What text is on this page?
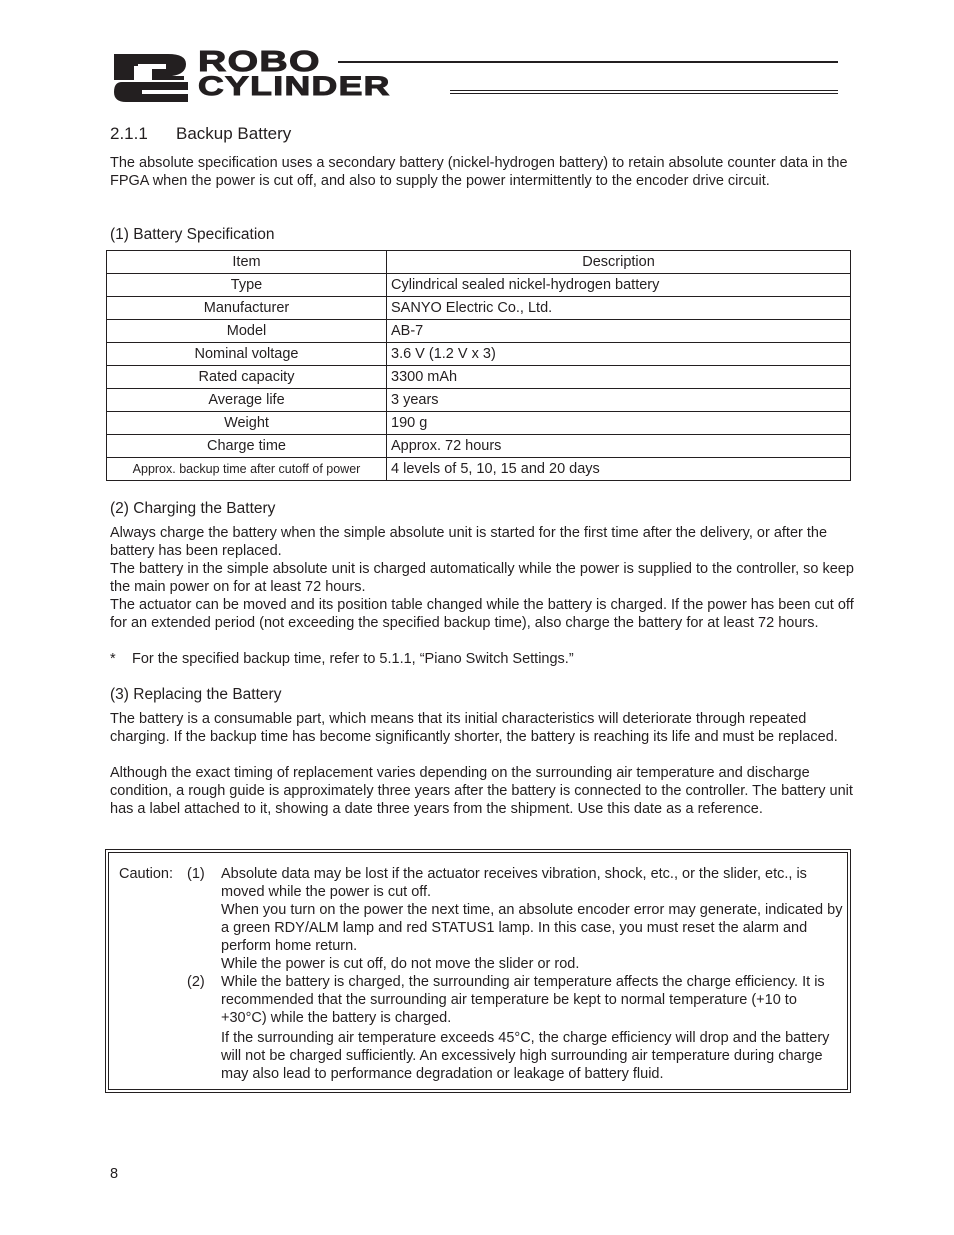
ROBO
CYLINDER
2.1.1 Backup Battery
The absolute specification uses a secondary battery (nickel-hydrogen battery) to retain absolute counter data in the FPGA when the power is cut off, and also to supply the power intermittently to the encoder drive circuit.
(1) Battery Specification
Item	Description
Type	Cylindrical sealed nickel-hydrogen battery
Manufacturer	SANYO Electric Co., Ltd.
Model	AB-7
Nominal voltage	3.6 V (1.2 V x 3)
Rated capacity	3300 mAh
Average life	3 years
Weight	190 g
Charge time	Approx. 72 hours
Approx. backup time after cutoff of power	4 levels of 5, 10, 15 and 20 days
(2) Charging the Battery
Always charge the battery when the simple absolute unit is started for the first time after the delivery, or after the battery has been replaced.
The battery in the simple absolute unit is charged automatically while the power is supplied to the controller, so keep the main power on for at least 72 hours.
The actuator can be moved and its position table changed while the battery is charged. If the power has been cut off for an extended period (not exceeding the specified backup time), also charge the battery for at least 72 hours.
* For the specified backup time, refer to 5.1.1, “Piano Switch Settings.”
(3) Replacing the Battery
The battery is a consumable part, which means that its initial characteristics will deteriorate through repeated charging. If the backup time has become significantly shorter, the battery is reaching its life and must be replaced.
Although the exact timing of replacement varies depending on the surrounding air temperature and discharge condition, a rough guide is approximately three years after the battery is connected to the controller. The battery unit has a label attached to it, showing a date three years from the shipment. Use this date as a reference.
Caution: (1) Absolute data may be lost if the actuator receives vibration, shock, etc., or the slider, etc., is moved while the power is cut off.
When you turn on the power the next time, an absolute encoder error may generate, indicated by a green RDY/ALM lamp and red STATUS1 lamp. In this case, you must reset the alarm and perform home return.
While the power is cut off, do not move the slider or rod.
(2) While the battery is charged, the surrounding air temperature affects the charge efficiency. It is recommended that the surrounding air temperature be kept to normal temperature (+10 to +30°C) while the battery is charged.
If the surrounding air temperature exceeds 45°C, the charge efficiency will drop and the battery will not be charged sufficiently. An excessively high surrounding air temperature during charge may also lead to performance degradation or leakage of battery fluid.
8
